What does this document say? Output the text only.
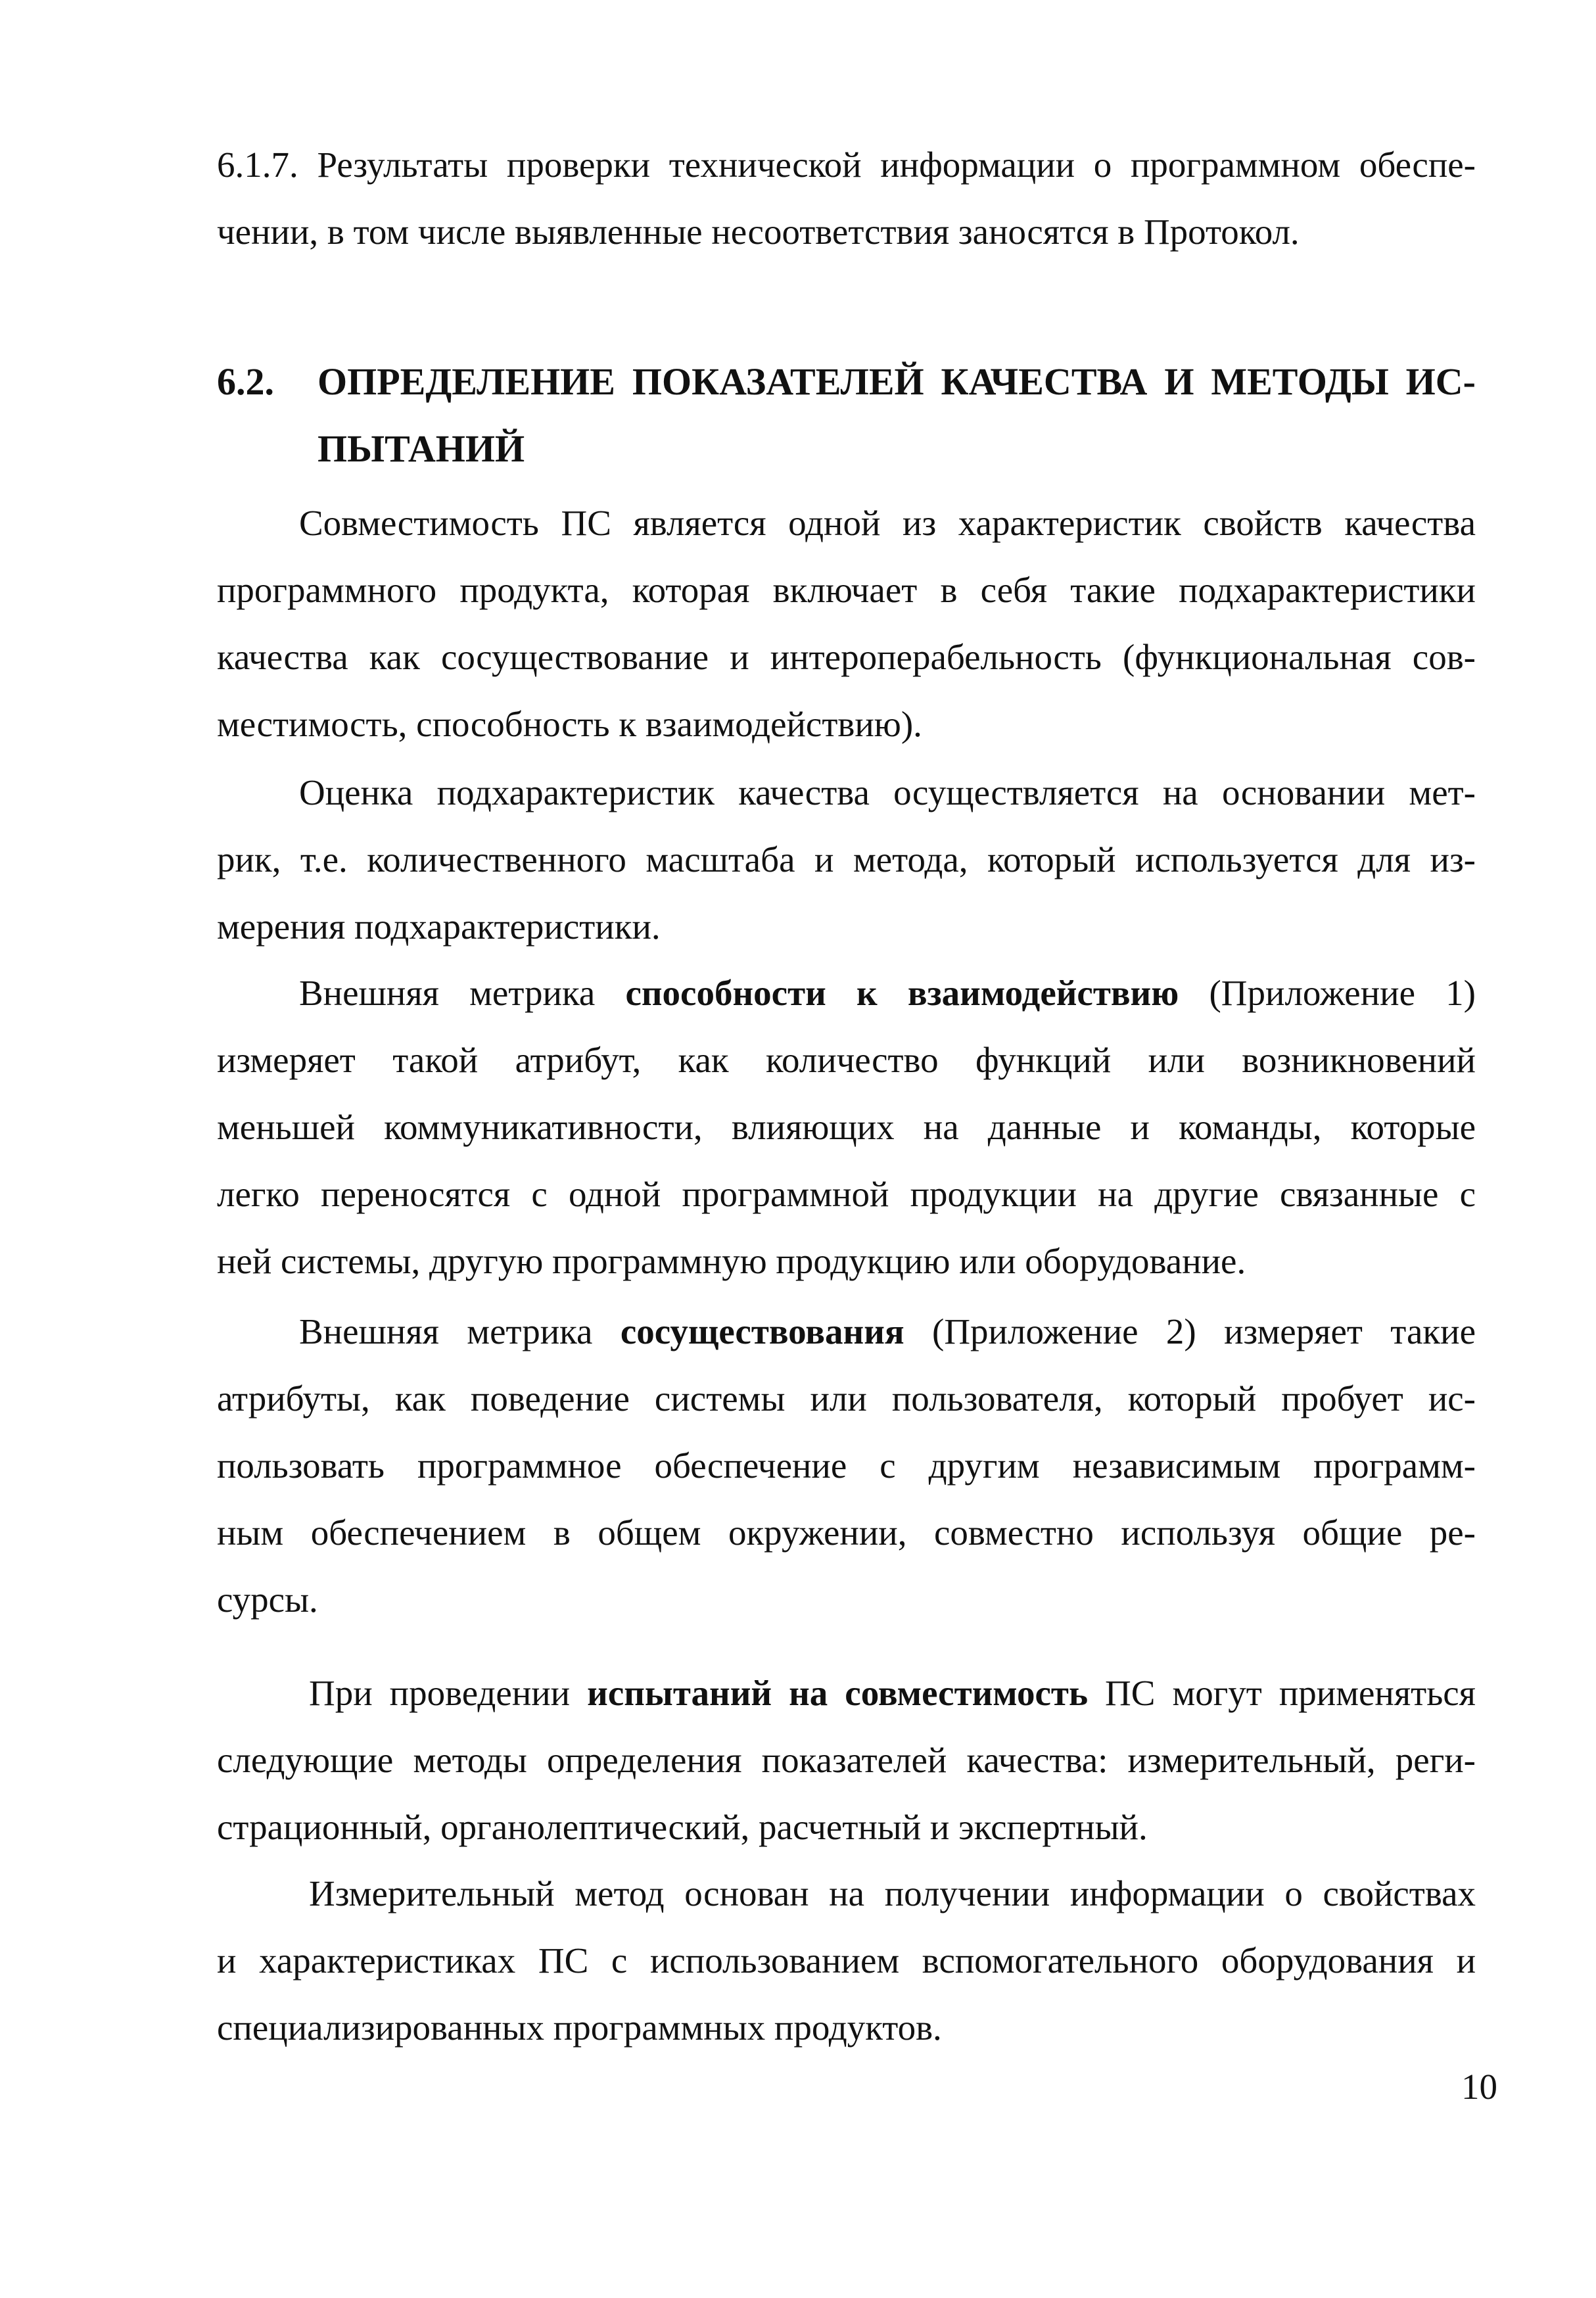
6.1.7. Результаты проверки технической информации о программном обеспе-
чении, в том числе выявленные несоответствия заносятся в Протокол.

6.2. ОПРЕДЕЛЕНИЕ ПОКАЗАТЕЛЕЙ КАЧЕСТВА И МЕТОДЫ ИС-
ПЫТАНИЙ

Совместимость ПС является одной из характеристик свойств качества
программного продукта, которая включает в себя такие подхарактеристики
качества как сосуществование и интероперабельность (функциональная сов-
местимость, способность к взаимодействию).

Оценка подхарактеристик качества осуществляется на основании мет-
рик, т.е. количественного масштаба и метода, который используется для из-
мерения подхарактеристики.

Внешняя метрика способности к взаимодействию (Приложение 1)
измеряет такой атрибут, как количество функций или возникновений
меньшей коммуникативности, влияющих на данные и команды, которые
легко переносятся с одной программной продукции на другие связанные с
ней системы, другую программную продукцию или оборудование.

Внешняя метрика сосуществования (Приложение 2) измеряет такие
атрибуты, как поведение системы или пользователя, который пробует ис-
пользовать программное обеспечение с другим независимым программ-
ным обеспечением в общем окружении, совместно используя общие ре-
сурсы.

При проведении испытаний на совместимость ПС могут применяться
следующие методы определения показателей качества: измерительный, реги-
страционный, органолептический, расчетный и экспертный.

Измерительный метод основан на получении информации о свойствах
и характеристиках ПС с использованием вспомогательного оборудования и
специализированных программных продуктов.

10
